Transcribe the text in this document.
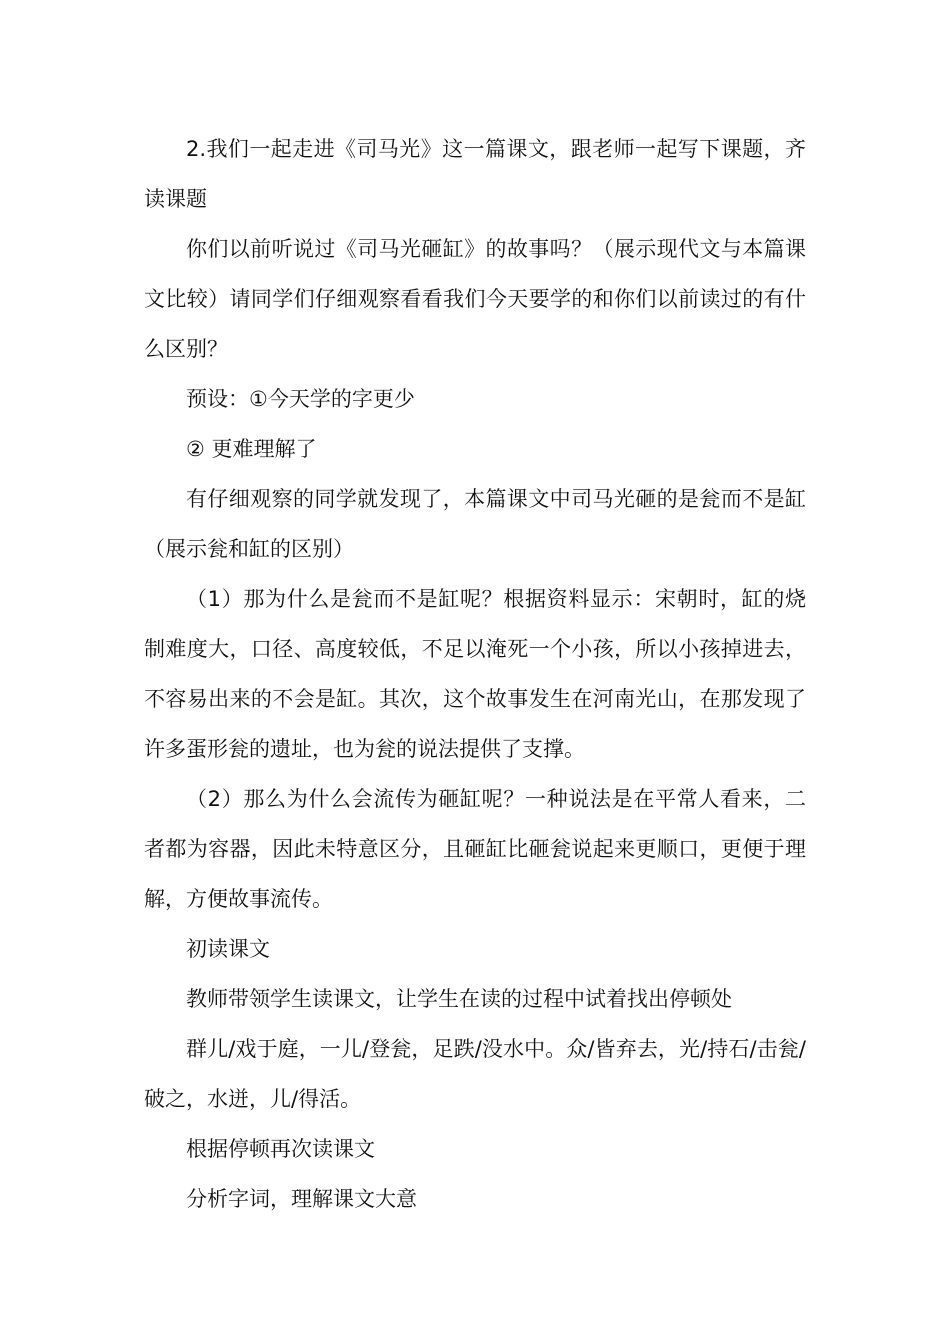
2.我们一起走进《司马光》这一篇课文，跟老师一起写下课题，齐读课题

你们以前听说过《司马光砸缸》的故事吗？（展示现代文与本篇课文比较）请同学们仔细观察看看我们今天要学的和你们以前读过的有什么区别？

预设：①今天学的字更少

② 更难理解了

有仔细观察的同学就发现了，本篇课文中司马光砸的是瓮而不是缸（展示瓮和缸的区别）

（1）那为什么是瓮而不是缸呢？根据资料显示：宋朝时，缸的烧制难度大，口径、高度较低，不足以淹死一个小孩，所以小孩掉进去，不容易出来的不会是缸。其次，这个故事发生在河南光山，在那发现了许多蛋形瓮的遗址，也为瓮的说法提供了支撑。

（2）那么为什么会流传为砸缸呢？一种说法是在平常人看来，二者都为容器，因此未特意区分，且砸缸比砸瓮说起来更顺口，更便于理解，方便故事流传。

初读课文

教师带领学生读课文，让学生在读的过程中试着找出停顿处

群儿/戏于庭，一儿/登瓮，足跌/没水中。众/皆弃去，光/持石/击瓮/破之，水迸，儿/得活。

根据停顿再次读课文

分析字词，理解课文大意
